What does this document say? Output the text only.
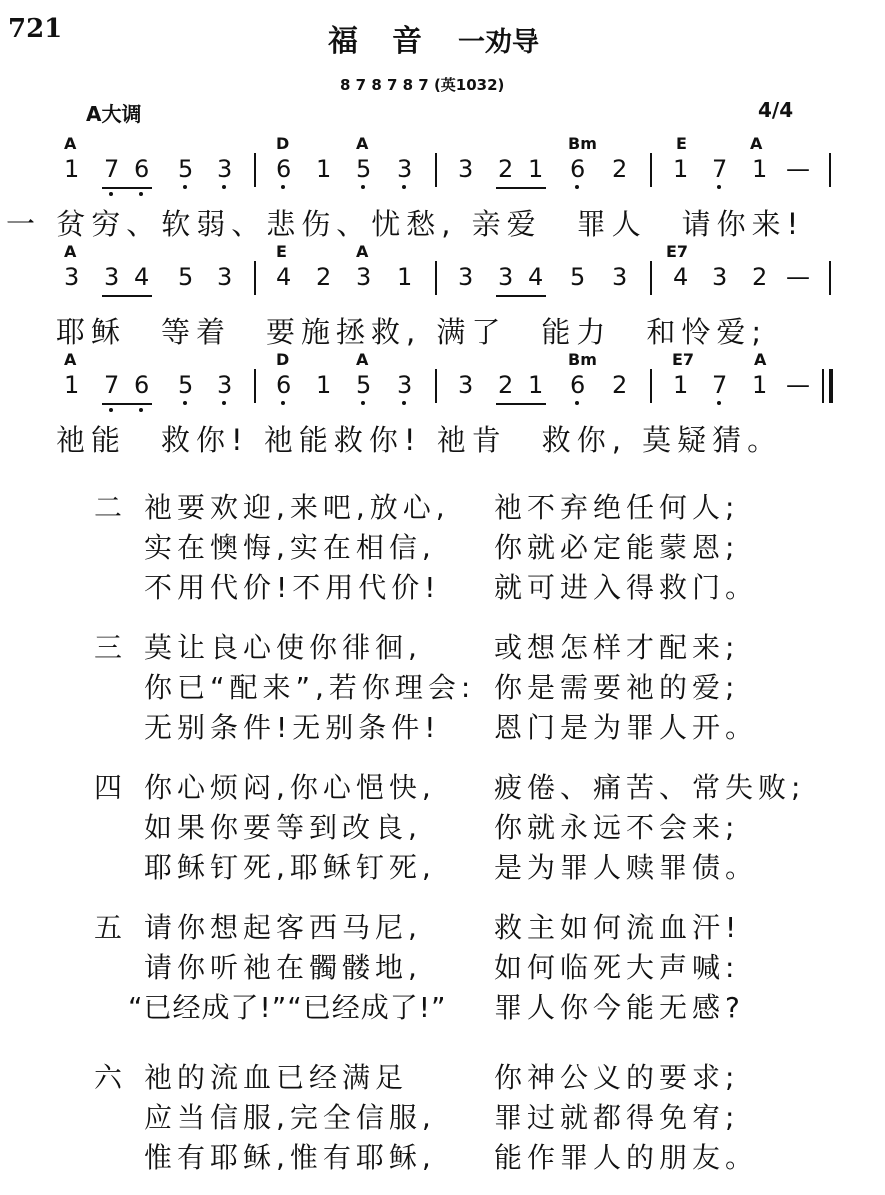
721	福　音 一劝导
8 7 8 7 8 7 (英1032)
A大调	4/4
A	D	A	Bm	E	A
1 7 6 5 3 6 1 5 3 3 2 1 6 2 1 7 1 —
一 贫穷、软弱、悲伤、忧愁, 亲爱　罪人　请你来!
A	E	A	E7
3 3 4 5 3 4 2 3 1 3 3 4 5 3 4 3 2 —
耶稣　等着　要施拯救, 满了　能力　和怜爱;
A	D	A	Bm	E7	A
1 7 6 5 3 6 1 5 3 3 2 1 6 2 1 7 1 —
祂能　救你! 祂能救你! 祂肯　救你, 莫疑猜。
二 祂要欢迎,来吧,放心, 祂不弃绝任何人;
实在懊悔,实在相信, 你就必定能蒙恩;
不用代价!不用代价! 就可进入得救门。
三 莫让良心使你徘徊,	或想怎样才配来;
你已“配来”,若你理会: 你是需要祂的爱;
无别条件!无别条件! 恩门是为罪人开。
四 你心烦闷,你心悒快, 疲倦、痛苦、常失败;
如果你要等到改良,	你就永远不会来;
耶稣钉死,耶稣钉死, 是为罪人赎罪债。
五 请你想起客西马尼,	救主如何流血汗!
请你听祂在髑髅地,	如何临死大声喊:
“已经成了!”“已经成了!” 罪人你今能无感?
六 祂的流血已经满足	你神公义的要求;
应当信服,完全信服, 罪过就都得免宥;
惟有耶稣,惟有耶稣, 能作罪人的朋友。
